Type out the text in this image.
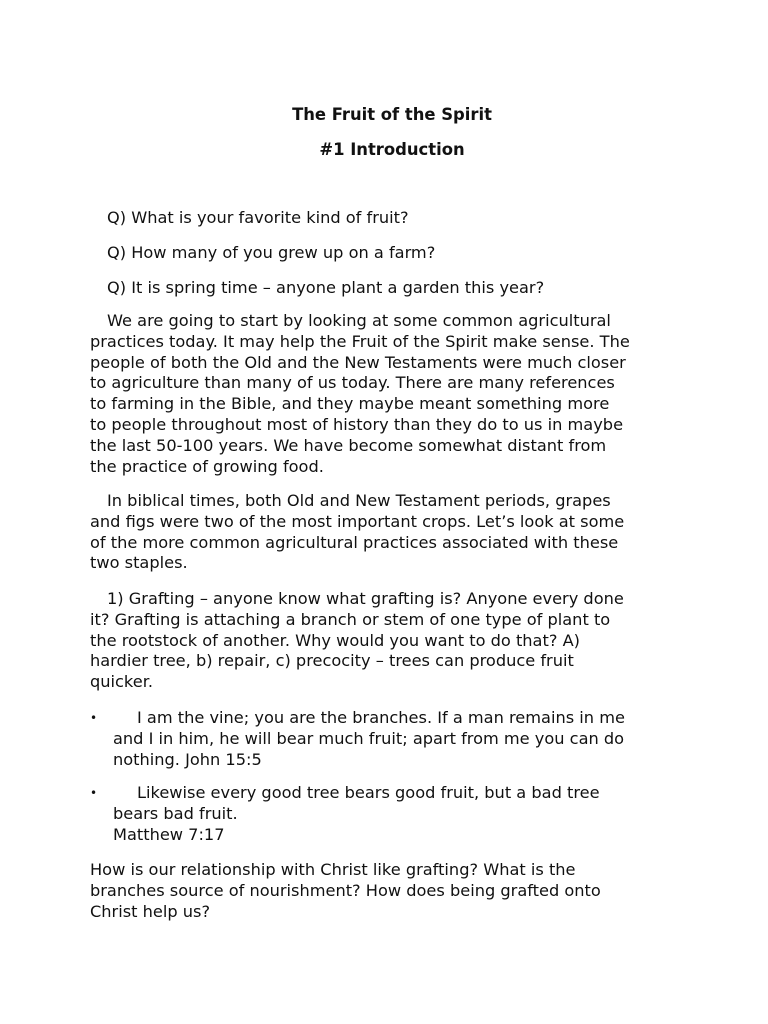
The Fruit of the Spirit
#1 Introduction
Q) What is your favorite kind of fruit?
Q) How many of you grew up on a farm?
Q) It is spring time – anyone plant a garden this year?
We are going to start by looking at some common agricultural
practices today. It may help the Fruit of the Spirit make sense. The
people of both the Old and the New Testaments were much closer
to agriculture than many of us today. There are many references
to farming in the Bible, and they maybe meant something more
to people throughout most of history than they do to us in maybe
the last 50-100 years. We have become somewhat distant from
the practice of growing food.
In biblical times, both Old and New Testament periods, grapes
and figs were two of the most important crops. Let’s look at some
of the more common agricultural practices associated with these
two staples.
1) Grafting – anyone know what grafting is? Anyone every done
it? Grafting is attaching a branch or stem of one type of plant to
the rootstock of another. Why would you want to do that? A)
hardier tree, b) repair, c) precocity – trees can produce fruit
quicker.
•	I am the vine; you are the branches. If a man remains in me
and I in him, he will bear much fruit; apart from me you can do
nothing. John 15:5
•	Likewise every good tree bears good fruit, but a bad tree
bears bad fruit.
Matthew 7:17
How is our relationship with Christ like grafting? What is the
branches source of nourishment? How does being grafted onto
Christ help us?
